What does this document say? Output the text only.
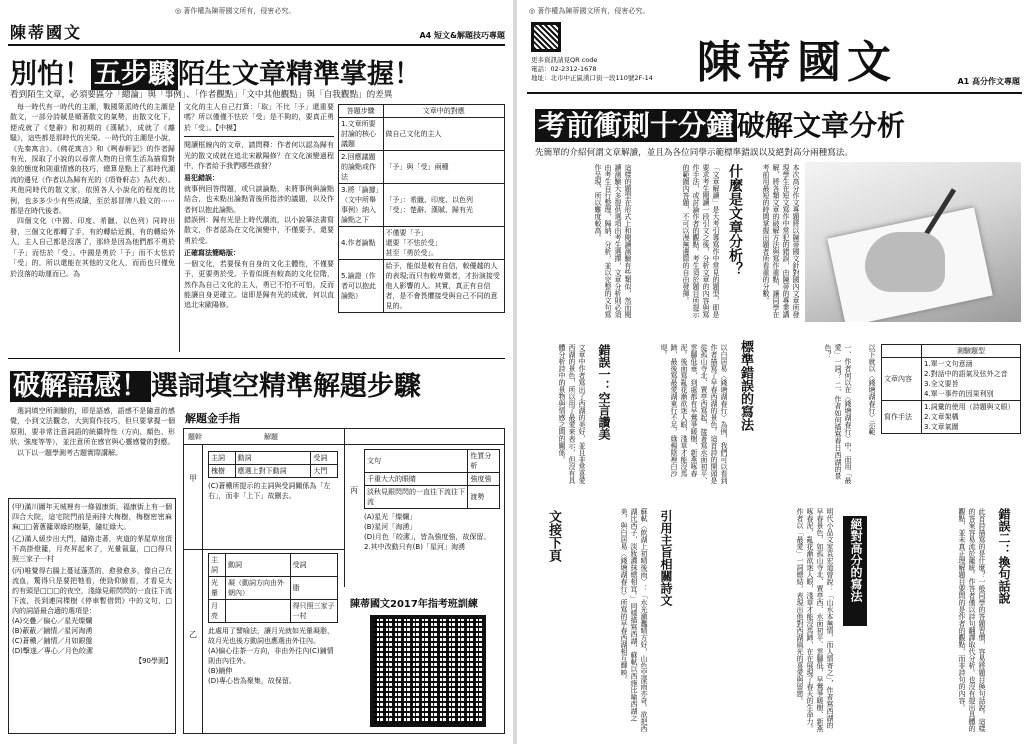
◎ 著作權為陳蒂國文所有，侵害必究。
陳蒂國文	A4 短文&解題技巧專題
別怕！ 五步驟 陌生文章精準掌握！
看到陌生文章，必須要區分「總論」與「事例」、「作者觀點」「文中其他觀點」與「自我觀點」的差異

每一時代有一時代的主潮，戰國策派時代的主潮是散文，一部分詩賦是順著散文的氣勢，由散文化下，便成就了《楚辭》和初期的《漢賦》，成就了《離騷》，這些都是那時代的光榮。⋯時代的主潮是小說，《先秦寓言》、《佛花寓言》和《咧春軒記》的作者歸有光，採取了小說的以尋常人物的日常生活為描寫對象的態度和則重情感的技巧，總算是點上了那時代潮流的邊兒（作者以為歸有光的《項脊軒志》為代表）。其他同時代的散文家，依照各人小說化的程度的比例，也多多少少有些成績，至於那冒牌八股文的⋯⋯都是在時代後者。

四個文化（中國、印度、希臘、以色列）同時出發，三個文化都轉了手，有的轉給近親，有的轉給外人，主人自己都是沒落了，那終是因為他們都不勇於「予」而怯於「受」。中國是勇於「予」而不太怯於「受」的，所以還能在其他的文化人，而而也只僅免於沒落的劫運而已。為

文化的主人自己打算：「取」不比「予」還重要嗎？所以僅僅不怯於「受」是不夠的，要真正勇於「受」。【中模】
閱讀框線內的文章，請問釋：作者何以認為歸有光的散文成就在追北宋歐陽修？在文化演變過程中，作者給予我們哪些啟發？
易犯錯誤：
就事例回答問題，或只談論點，未將事例與論點結合，也未點出論點背後所指涉的議題，以及作者何以抱此論點。
錯誤例：歸有光是上時代潮流，以小說筆法書寫散文，作者認為在文化演變中，不僅要予，還要勇於受。
正確寫法簡略版：
一個文化，若要保有自身的文化主體性，不僅要予，更要勇於受。予看似既有較高的文化位階，然作為自己文化的主人，勇已不怕不可怕，反而能讓自身更確立。這即是歸有光的成就，何以直追北宋歐陽修。
答題步驟	文章中的對應
1.文章所要討論的核心議題	做自己文化的主人
2.回應議題的論點或作法	「予」與「受」兩種
3.將「論據」（文中所舉事例）納入論點之下	「予」：希臘、印度、以色列
「受」：楚辭、漢賦、歸有光
4.作者論點	不僅要「予」
還要「不怯於受」
甚至「勇於受」。
5.論證（作者可以抱此論點）	給予，能似是較有自信，較優越的人的表現;而只有較卑微者，才扮演接受他人影響的人。其實，真正有自信者，是不會畏懼接受與自己不同的意見的。
破解語感！ 選詞填空精準解題步驟

選詞填空所測驗的，即是語感，語感不是隨意的感覺，小到文法觀念，大到寫作技巧，但只要掌握一個原則，要非常注意詞語的統攝特性（方向、顏色、形狀、強度等等），並注意所在感官與心靈感覺的對應。

以下以一題學測考古題實際講解。

(甲)滿川圖年天城裡有一條福康街，福康街上有一個四合大院，這宅院門前是兩排大梅樹，梅樹密密麻麻□□著蔥籠翠綠的樹葉，隨紅綠大。
(乙)滿人緩步出大門，隨路走著，夾道的茅屋草房頂不高掛燈籠，月亮昇起來了，光暈氤氳，□□得只照三家子一村
(丙)唯覺得右腸上蔓延蓬蒸的，愈發愈多，像自己在流血，驚得只是要把牠看，使勁仰臉看，才看見大約有頭是□□□的夜空，淺綠見銀閃閃的一直往下流下流，長到連同棵樹《停車暫借問》中的文句，□內的詞語最合適的選項是：
(A)交疊／偏心／星光燦爛
(B)蔽蔽／鋪情／星河淘湧
(C)蒼穠／鋪情／月如銀盤
(D)擊遂／專心／月色皎潔
【90學測】
解題金手指
題幹	解題
甲
主詞	動詞	受詞
槐樹	應選上對下動詞	大門
(C)蒼穠所提示的主詞與受詞關係為「左右」，而非「上下」故刪去。
乙
主詞	動詞	受詞
光暈	凝（動詞方向由外朝內）	脂
月亮		得只照三家子一村
此處用了譬喻法，讓月光就如光暈凝脂，故月光也後方動詞也應選由外往內。
(A)偏心往茶一方向，非由外往內(C)鋪情則由內往外。
(B)鋪伸
(D)專心皆為聚集，故保留。
丙
文句	性質分析
千重大大的眼睛	強度強
淡秋見銀閃閃的一直往下流往下流	渡勢
(A)星光「燦爛」
(B)星河「淘湧」
(D)月色「皎潔」，皆為強度強，故保留。
2.其中改動只有(B)「星河」淘湧
陳蒂國文2017年指考班訓練
◎ 著作權為陳蒂國文所有，侵害必究。
更多資訊請見QR code
電話：02-2312-1678
地址：北市中正區漢口街一段110號2F-14 陳蒂國文	A1 高分作文專題
考前衝刺十分鐘 破解文章分析
先簡單的介紹何謂文章解讀，並且為各位同學示範標準錯誤以及絕對高分兩種寫法。
本次高分作文專題將以陳蒂國文針對國內文章所發現學生在短文寫作中常犯的錯誤，由陳蒂的專業講解，將各類文章的破解方法與寫作重點，讓同學在考前用最短的時間掌握出題者所看重的分數。
什麼是文章分析？
「文章解讀」是大考引導寫作中常見的題型，即是要求考生閱讀一段引文之後，分析文章的內容與寫作手法，或討論作者的觀點。考生須於題目所提示的範圍內答題，不可以漫無邊際的自由發揮。
這樣的題型在形式上和閱讀測驗有些類似，然而閱讀測驗大多提供選項由考生選擇，文章分析則必須由考生自行整理、歸納、分析，並以完整的文句寫作呈現，所以難度較高。
	測驗題型
文章內容	1.單一文句意涵
2.對話中的語氣及弦外之音
3.全文要旨
4.單一事件的因果利別
寫作手法	1.詞彙的使用（詩題與文眼）
2.文章架構
3.文章氣圍
以下就以〈錢塘湖春行〉示範
一、作者何以在〈錢塘湖春行〉中，而用「最愛」一詞？ 二、作者如何描寫春日西湖的景色？
標準錯誤的寫法
以白居易〈錢塘湖春行〉為例，我們可以看到作者描寫了早春西湖的景色。這首詩的開頭是從孤山寺北、賈亭西寫起，接著寫水面初平、雲腳低垂，到處都有早鶯爭暖樹、新燕啄春泥。後面寫亂花漸欲迷人眼，淺草才能沒馬蹄，最後寫最愛湖東行不足，綠楊陰裡白沙堤。
錯誤一：空言讚美
文章中作者寫出了西湖的美好，並且非常喜愛西湖的景色，所以用了最愛來表示，但沒有具體分析詩中的景物與情感之間的關係。
錯誤二：換句話說
此首詩描寫的是什麼？一般同學的答題習慣，容易將題目換句話說。這樣的答案容易流於籠統。作答者僅以詩句翻譯取代分析。也沒有提出具體的觀點，並未真正理解題目要問的是作者的觀點，而非詩句的內容。
絕對高分的寫法
明代小品文家袁宏道曾說：「山水本無情，而人情寄之」，作者寫西湖的早春景色，如孤山寺北、賈亭西、水面初平、雲腳低，早鶯爭暖樹、新燕啄春泥，亂花漸欲迷人眼，淺草才能沒馬蹄，在在展現了春天的生命力。作者以「最愛」一詞總結，表現出他對西湖風光的喜愛與留戀。
引用主旨相關詩文
蘇軾〈飲湖上初晴後雨〉：「水光瀲灩晴方好，山色空濛雨亦奇。欲把西湖比西子，淡妝濃抹總相宜。」同樣描寫西湖，蘇軾以西施比喻西湖之美，與白居易〈錢塘湖春行〉所寫的早春西湖相互輝映。
文接下頁
